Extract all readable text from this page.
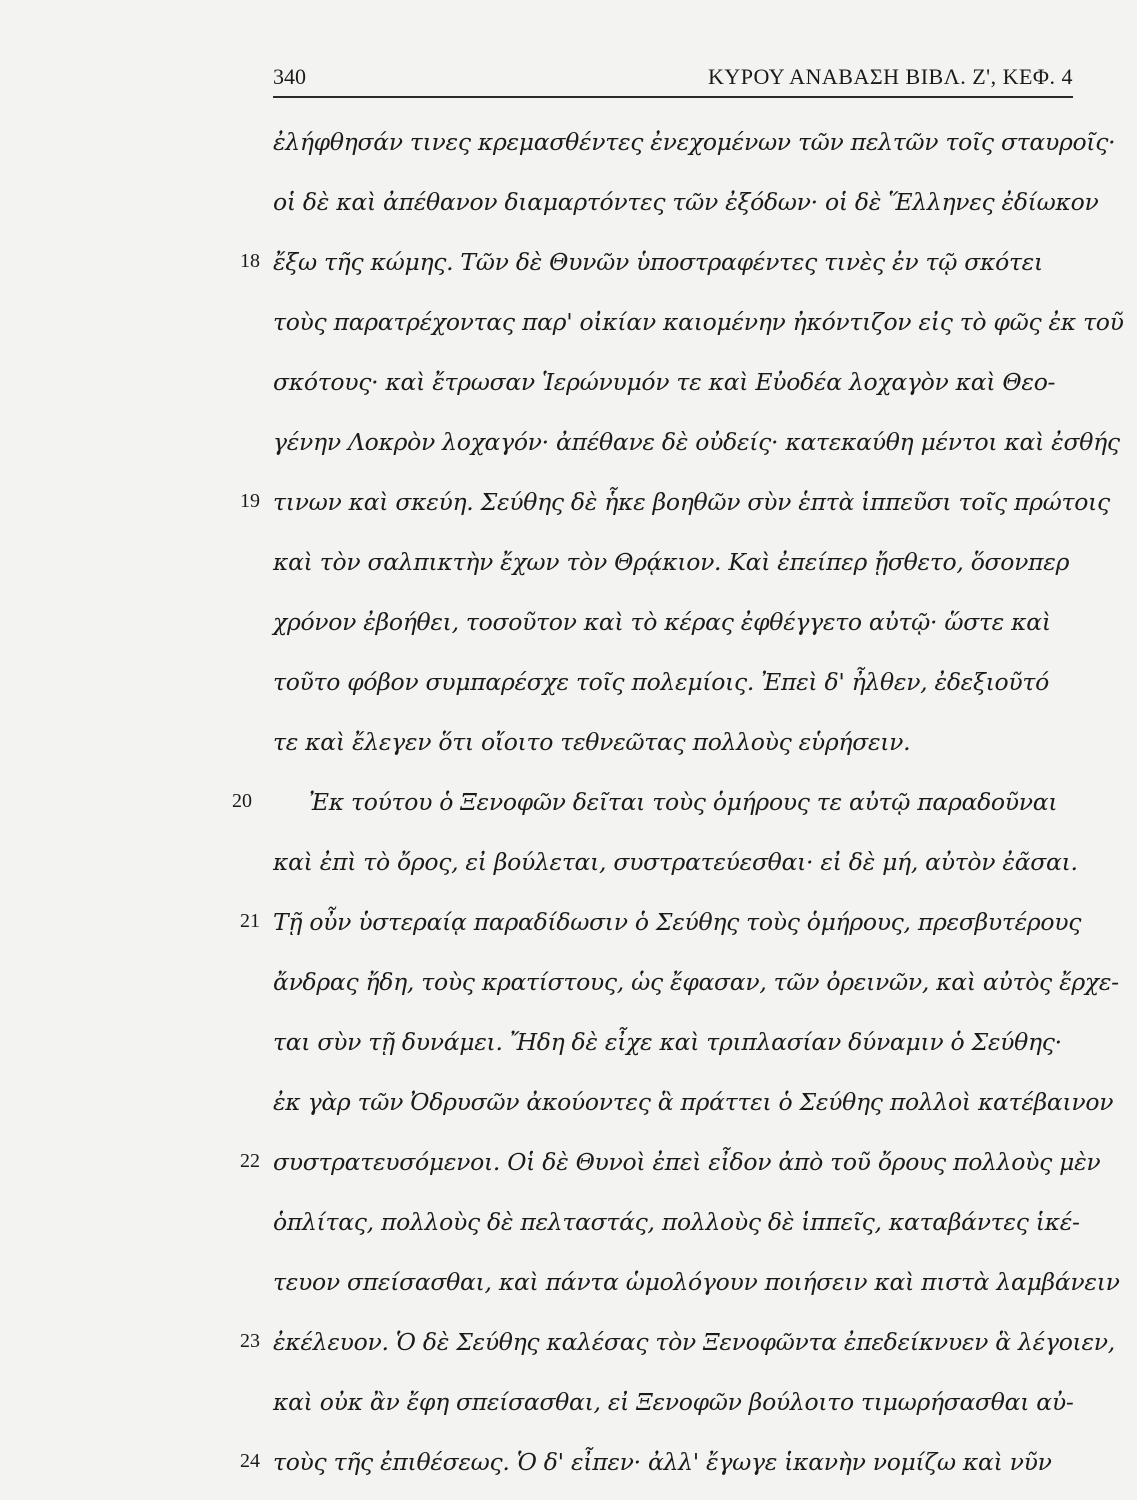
340	ΚΥΡΟΥ ΑΝΑΒΑΣΗ ΒΙΒΛ. Ζ', ΚΕΦ. 4
ἐλήφθησάν τινες κρεμασθέντες ἐνεχομένων τῶν πελτῶν τοῖς σταυροῖς·
οἱ δὲ καὶ ἀπέθανον διαμαρτόντες τῶν ἐξόδων· οἱ δὲ Ἕλληνες ἐδίωκον
18 ἔξω τῆς κώμης. Τῶν δὲ Θυνῶν ὑποστραφέντες τινὲς ἐν τῷ σκότει
τοὺς παρατρέχοντας παρ' οἰκίαν καιομένην ἠκόντιζον εἰς τὸ φῶς ἐκ τοῦ
σκότους· καὶ ἔτρωσαν Ἱερώνυμόν τε καὶ Εὐοδέα λοχαγὸν καὶ Θεο-
γένην Λοκρὸν λοχαγόν· ἀπέθανε δὲ οὐδείς· κατεκαύθη μέντοι καὶ ἐσθής
19 τινων καὶ σκεύη. Σεύθης δὲ ἧκε βοηθῶν σὺν ἑπτὰ ἱππεῦσι τοῖς πρώτοις
καὶ τὸν σαλπικτὴν ἔχων τὸν Θρᾴκιον. Καὶ ἐπείπερ ᾔσθετο, ὅσονπερ
χρόνον ἐβοήθει, τοσοῦτον καὶ τὸ κέρας ἐφθέγγετο αὐτῷ· ὥστε καὶ
τοῦτο φόβον συμπαρέσχε τοῖς πολεμίοις. Ἐπεὶ δ' ἦλθεν, ἐδεξιοῦτό
τε καὶ ἔλεγεν ὅτι οἴοιτο τεθνεῶτας πολλοὺς εὑρήσειν.
20	Ἐκ τούτου ὁ Ξενοφῶν δεῖται τοὺς ὁμήρους τε αὐτῷ παραδοῦναι
καὶ ἐπὶ τὸ ὄρος, εἰ βούλεται, συστρατεύεσθαι· εἰ δὲ μή, αὐτὸν ἐᾶσαι.
21 Τῇ οὖν ὑστεραίᾳ παραδίδωσιν ὁ Σεύθης τοὺς ὁμήρους, πρεσβυτέρους
ἄνδρας ἤδη, τοὺς κρατίστους, ὡς ἔφασαν, τῶν ὀρεινῶν, καὶ αὐτὸς ἔρχε-
ται σὺν τῇ δυνάμει. Ἤδη δὲ εἶχε καὶ τριπλασίαν δύναμιν ὁ Σεύθης·
ἐκ γὰρ τῶν Ὀδρυσῶν ἀκούοντες ἃ πράττει ὁ Σεύθης πολλοὶ κατέβαινον
22 συστρατευσόμενοι. Οἱ δὲ Θυνοὶ ἐπεὶ εἶδον ἀπὸ τοῦ ὄρους πολλοὺς μὲν
ὁπλίτας, πολλοὺς δὲ πελταστάς, πολλοὺς δὲ ἱππεῖς, καταβάντες ἱκέ-
τευον σπείσασθαι, καὶ πάντα ὡμολόγουν ποιήσειν καὶ πιστὰ λαμβάνειν
23 ἐκέλευον. Ὁ δὲ Σεύθης καλέσας τὸν Ξενοφῶντα ἐπεδείκνυεν ἃ λέγοιεν,
καὶ οὐκ ἂν ἔφη σπείσασθαι, εἰ Ξενοφῶν βούλοιτο τιμωρήσασθαι αὐ-
24 τοὺς τῆς ἐπιθέσεως. Ὁ δ' εἶπεν· ἀλλ' ἔγωγε ἱκανὴν νομίζω καὶ νῦν
